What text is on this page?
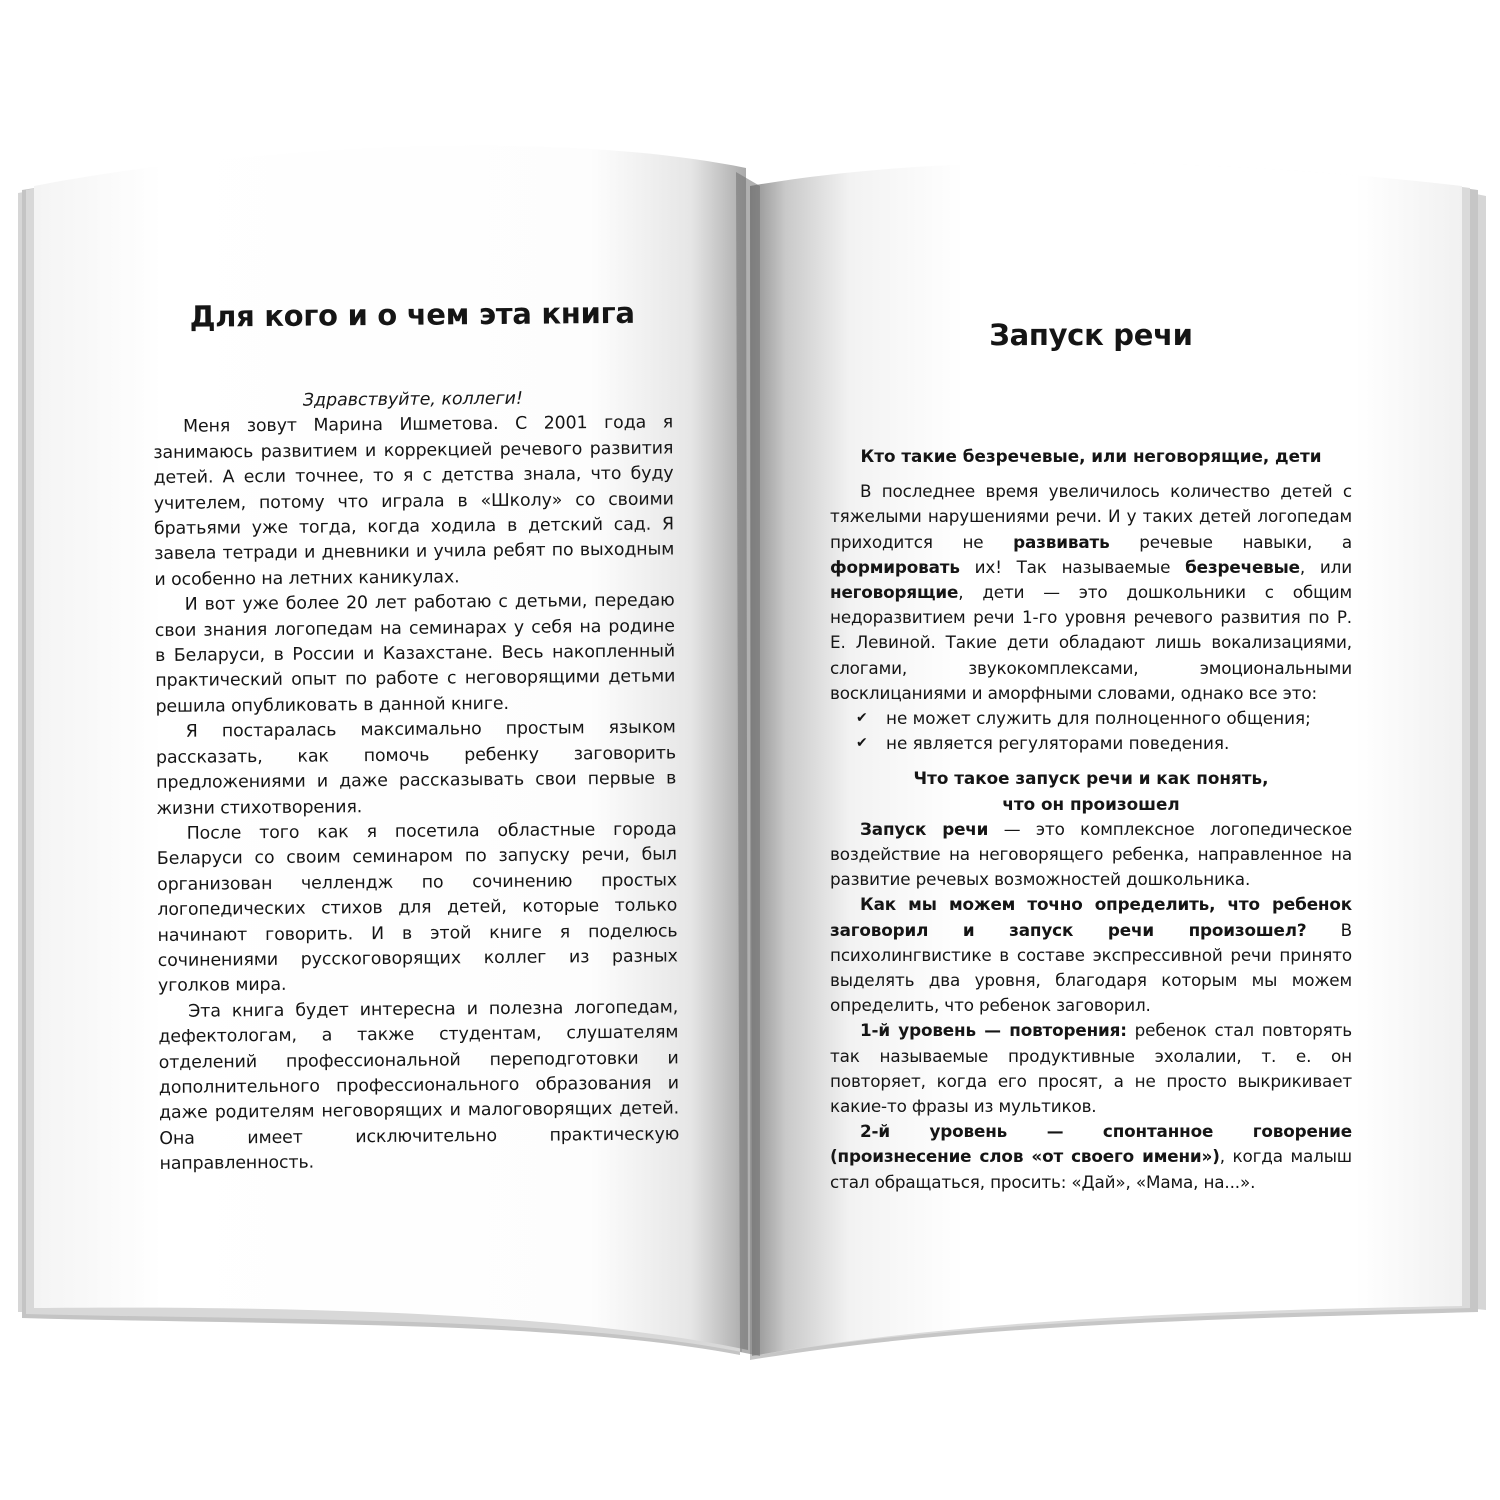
Для кого и о чем эта книга

Здравствуйте, коллеги!

Меня зовут Марина Ишметова. С 2001 года я занимаюсь развитием и коррекцией речевого развития детей. А если точнее, то я с детства знала, что буду учителем, потому что играла в «Школу» со своими братьями уже тогда, когда ходила в детский сад. Я завела тетради и дневники и учила ребят по выходным и особенно на летних каникулах.

И вот уже более 20 лет работаю с детьми, передаю свои знания логопедам на семинарах у себя на родине в Беларуси, в России и Казахстане. Весь накопленный практический опыт по работе с неговорящими детьми решила опубликовать в данной книге.

Я постаралась максимально простым языком рассказать, как помочь ребенку заговорить предложениями и даже рассказывать свои первые в жизни стихотворения.

После того как я посетила областные города Беларуси со своим семинаром по запуску речи, был организован челлендж по сочинению простых логопедических стихов для детей, которые только начинают говорить. И в этой книге я поделюсь сочинениями русскоговорящих коллег из разных уголков мира.

Эта книга будет интересна и полезна логопедам, дефектологам, а также студентам, слушателям отделений профессиональной переподготовки и дополнительного профессионального образования и даже родителям неговорящих и малоговорящих детей. Она имеет исключительно практическую направленность.

Запуск речи

Кто такие безречевые, или неговорящие, дети

В последнее время увеличилось количество детей с тяжелыми нарушениями речи. И у таких детей логопедам приходится не развивать речевые навыки, а формировать их! Так называемые безречевые, или неговорящие, дети — это дошкольники с общим недоразвитием речи 1-го уровня речевого развития по Р. Е. Левиной. Такие дети обладают лишь вокализациями, слогами, звукокомплексами, эмоциональными восклицаниями и аморфными словами, однако все это:

✔ не может служить для полноценного общения;
✔ не является регуляторами поведения.

Что такое запуск речи и как понять,
что он произошел

Запуск речи — это комплексное логопедическое воздействие на неговорящего ребенка, направленное на развитие речевых возможностей дошкольника.

Как мы можем точно определить, что ребенок заговорил и запуск речи произошел? В психолингвистике в составе экспрессивной речи принято выделять два уровня, благодаря которым мы можем определить, что ребенок заговорил.

1-й уровень — повторения: ребенок стал повторять так называемые продуктивные эхолалии, т. е. он повторяет, когда его просят, а не просто выкрикивает какие-то фразы из мультиков.

2-й уровень — спонтанное говорение (произнесение слов «от своего имени»), когда малыш стал обращаться, просить: «Дай», «Мама, на...».
